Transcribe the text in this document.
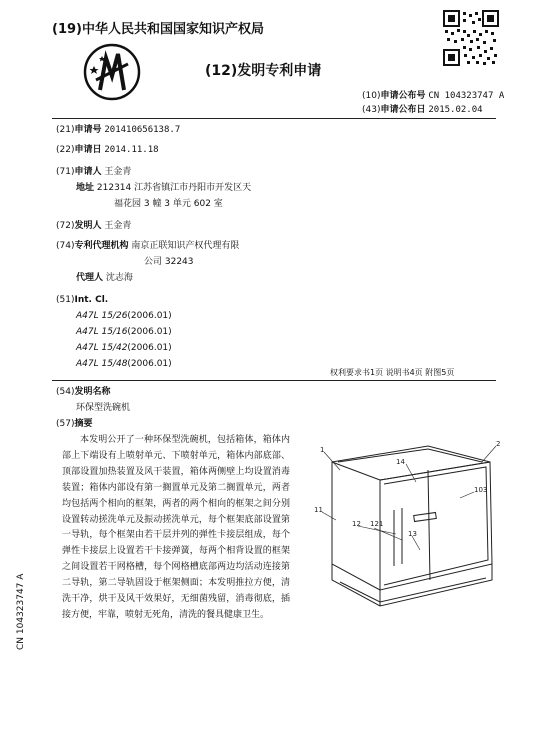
(19)中华人民共和国国家知识产权局
(12)发明专利申请
(10)申请公布号 CN 104323747 A
(43)申请公布日 2015.02.04
(21)申请号 201410656138.7
(22)申请日 2014.11.18
(71)申请人 王金青
地址 212314 江苏省镇江市丹阳市开发区天
福花园 3 幢 3 单元 602 室
(72)发明人 王金青
(74)专利代理机构 南京正联知识产权代理有限
公司 32243
代理人 沈志海
(51)Int. Cl.
A47L 15/26(2006.01)
A47L 15/16(2006.01)
A47L 15/42(2006.01)
A47L 15/48(2006.01)
权利要求书1页 说明书4页 附图5页
(54)发明名称
环保型洗碗机
(57)摘要
本发明公开了一种环保型洗碗机，包括箱体，箱体内部上下端设有上喷射单元、下喷射单元，箱体内部底部、顶部设置加热装置及风干装置，箱体两侧壁上均设置消毒装置；箱体内部设有第一搁置单元及第二搁置单元，两者均包括两个相向的框架，两者的两个相向的框架之间分别设置转动搓洗单元及振动搓洗单元，每个框架底部设置第一导轨，每个框架由若干层并列的弹性卡接层组成，每个弹性卡接层上设置若干卡接弹簧，每两个相背设置的框架之间设置若干网格槽，每个网格槽底部两边均活动连接第二导轨，第二导轨固设于框架侧面；本发明推拉方便，清洗干净，烘干及风干效果好，无细菌残留，消毒彻底，插接方便，牢靠，喷射无死角，清洗的餐具健康卫生。
1
2
14
11
12 121
13
103
CN 104323747 A
